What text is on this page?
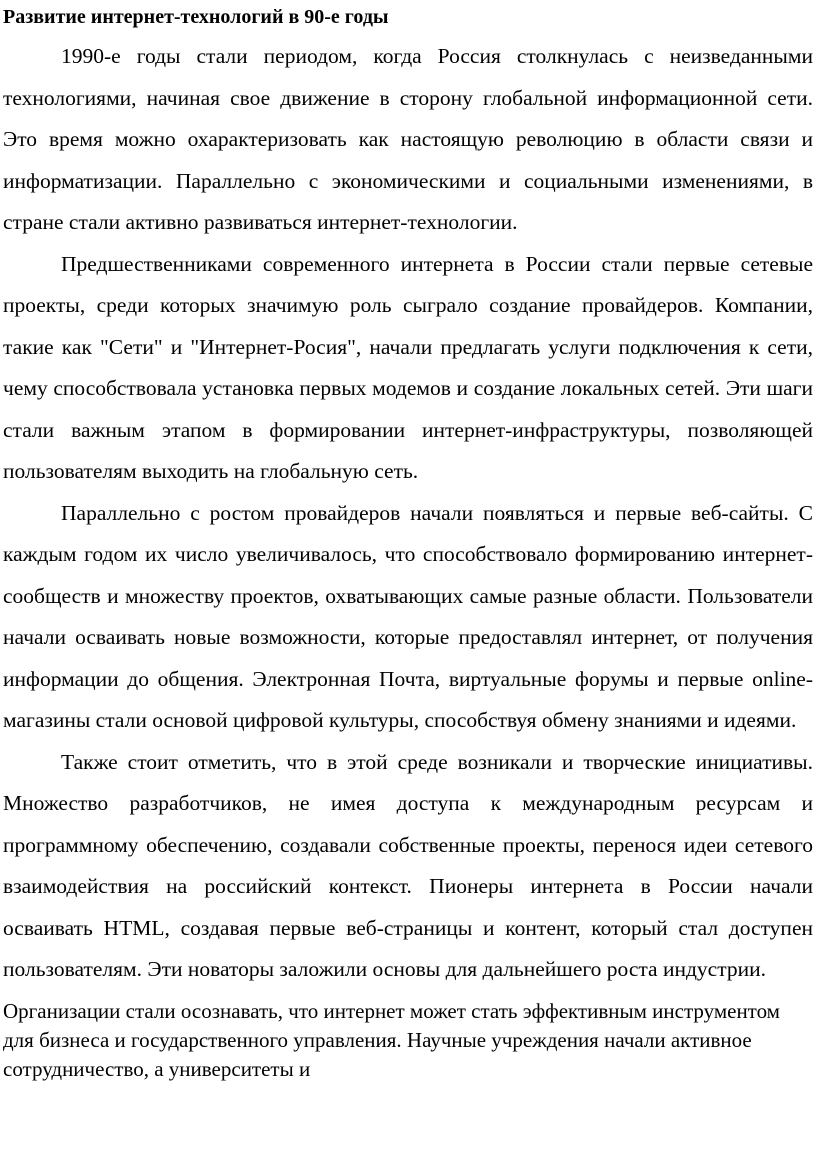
Развитие интернет-технологий в 90-е годы

1990-е годы стали периодом, когда Россия столкнулась с неизведанными технологиями, начиная свое движение в сторону глобальной информационной сети. Это время можно охарактеризовать как настоящую революцию в области связи и информатизации. Параллельно с экономическими и социальными изменениями, в стране стали активно развиваться интернет-технологии.

Предшественниками современного интернета в России стали первые сетевые проекты, среди которых значимую роль сыграло создание провайдеров. Компании, такие как "Сети" и "Интернет-Росия", начали предлагать услуги подключения к сети, чему способствовала установка первых модемов и создание локальных сетей. Эти шаги стали важным этапом в формировании интернет-инфраструктуры, позволяющей пользователям выходить на глобальную сеть.

Параллельно с ростом провайдеров начали появляться и первые веб-сайты. С каждым годом их число увеличивалось, что способствовало формированию интернет-сообществ и множеству проектов, охватывающих самые разные области. Пользователи начали осваивать новые возможности, которые предоставлял интернет, от получения информации до общения. Электронная Почта, виртуальные форумы и первые online-магазины стали основой цифровой культуры, способствуя обмену знаниями и идеями.

Также стоит отметить, что в этой среде возникали и творческие инициативы. Множество разработчиков, не имея доступа к международным ресурсам и программному обеспечению, создавали собственные проекты, перенося идеи сетевого взаимодействия на российский контекст. Пионеры интернета в России начали осваивать HTML, создавая первые веб-страницы и контент, который стал доступен пользователям. Эти новаторы заложили основы для дальнейшего роста индустрии.

Организации стали осознавать, что интернет может стать эффективным инструментом для бизнеса и государственного управления. Научные учреждения начали активное сотрудничество, а университеты и
